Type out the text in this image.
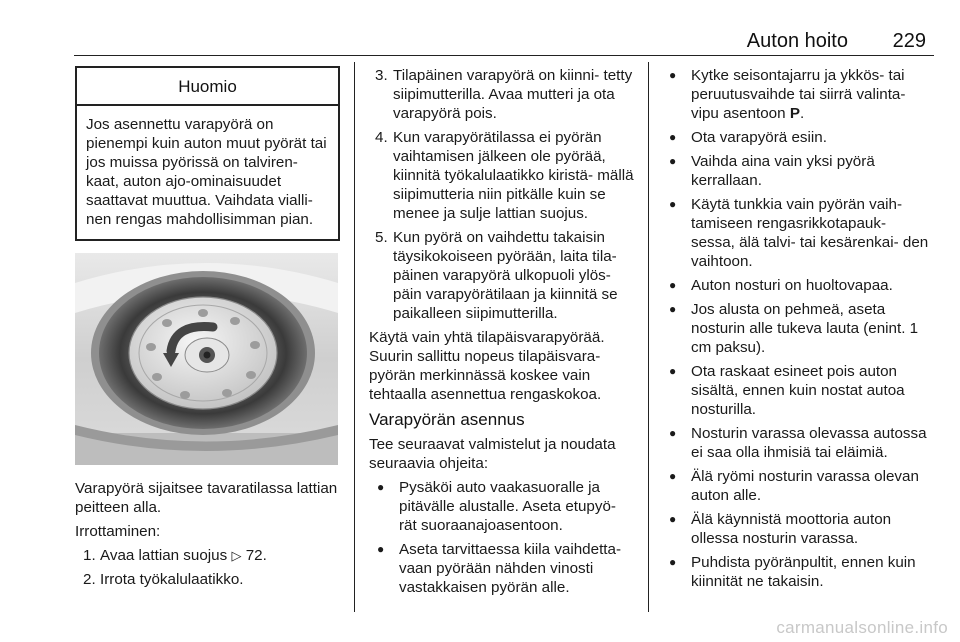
Auton hoito 229
Huomio
Jos asennettu varapyörä on pienempi kuin auton muut pyörät tai jos muissa pyörissä on talviren- kaat, auton ajo-ominaisuudet saattavat muuttua. Vaihdata vialli- nen rengas mahdollisimman pian.

Varapyörä sijaitsee tavaratilassa lattian peitteen alla.

Irrottaminen:

1. Avaa lattian suojus ▷ 72.
2. Irrota työkalulaatikko.
3. Tilapäinen varapyörä on kiinni- tetty siipimutterilla. Avaa mutteri ja ota varapyörä pois.
4. Kun varapyörätilassa ei pyörän vaihtamisen jälkeen ole pyörää, kiinnitä työkalulaatikko kiristä- mällä siipimutteria niin pitkälle kuin se menee ja sulje lattian suojus.
5. Kun pyörä on vaihdettu takaisin täysikokoiseen pyörään, laita tila- päinen varapyörä ulkopuoli ylös- päin varapyörätilaan ja kiinnitä se paikalleen siipimutterilla.

Käytä vain yhtä tilapäisvarapyörää. Suurin sallittu nopeus tilapäisvara- pyörän merkinnässä koskee vain tehtaalla asennettua rengaskokoa.

Varapyörän asennus

Tee seuraavat valmistelut ja noudata seuraavia ohjeita:

● Pysäköi auto vaakasuoralle ja pitävälle alustalle. Aseta etupyö- rät suoraanajoasentoon.
● Aseta tarvittaessa kiila vaihdetta- vaan pyörään nähden vinosti vastakkaisen pyörän alle.
● Kytke seisontajarru ja ykkös- tai peruutusvaihde tai siirrä valinta- vipu asentoon P.
● Ota varapyörä esiin.
● Vaihda aina vain yksi pyörä kerrallaan.
● Käytä tunkkia vain pyörän vaih- tamiseen rengasrikkotapauk- sessa, älä talvi- tai kesärenkai- den vaihtoon.
● Auton nosturi on huoltovapaa.
● Jos alusta on pehmeä, aseta nosturin alle tukeva lauta (enint. 1 cm paksu).
● Ota raskaat esineet pois auton sisältä, ennen kuin nostat autoa nosturilla.
● Nosturin varassa olevassa autossa ei saa olla ihmisiä tai eläimiä.
● Älä ryömi nosturin varassa olevan auton alle.
● Älä käynnistä moottoria auton ollessa nosturin varassa.
● Puhdista pyöränpultit, ennen kuin kiinnität ne takaisin.
carmanualsonline.info
